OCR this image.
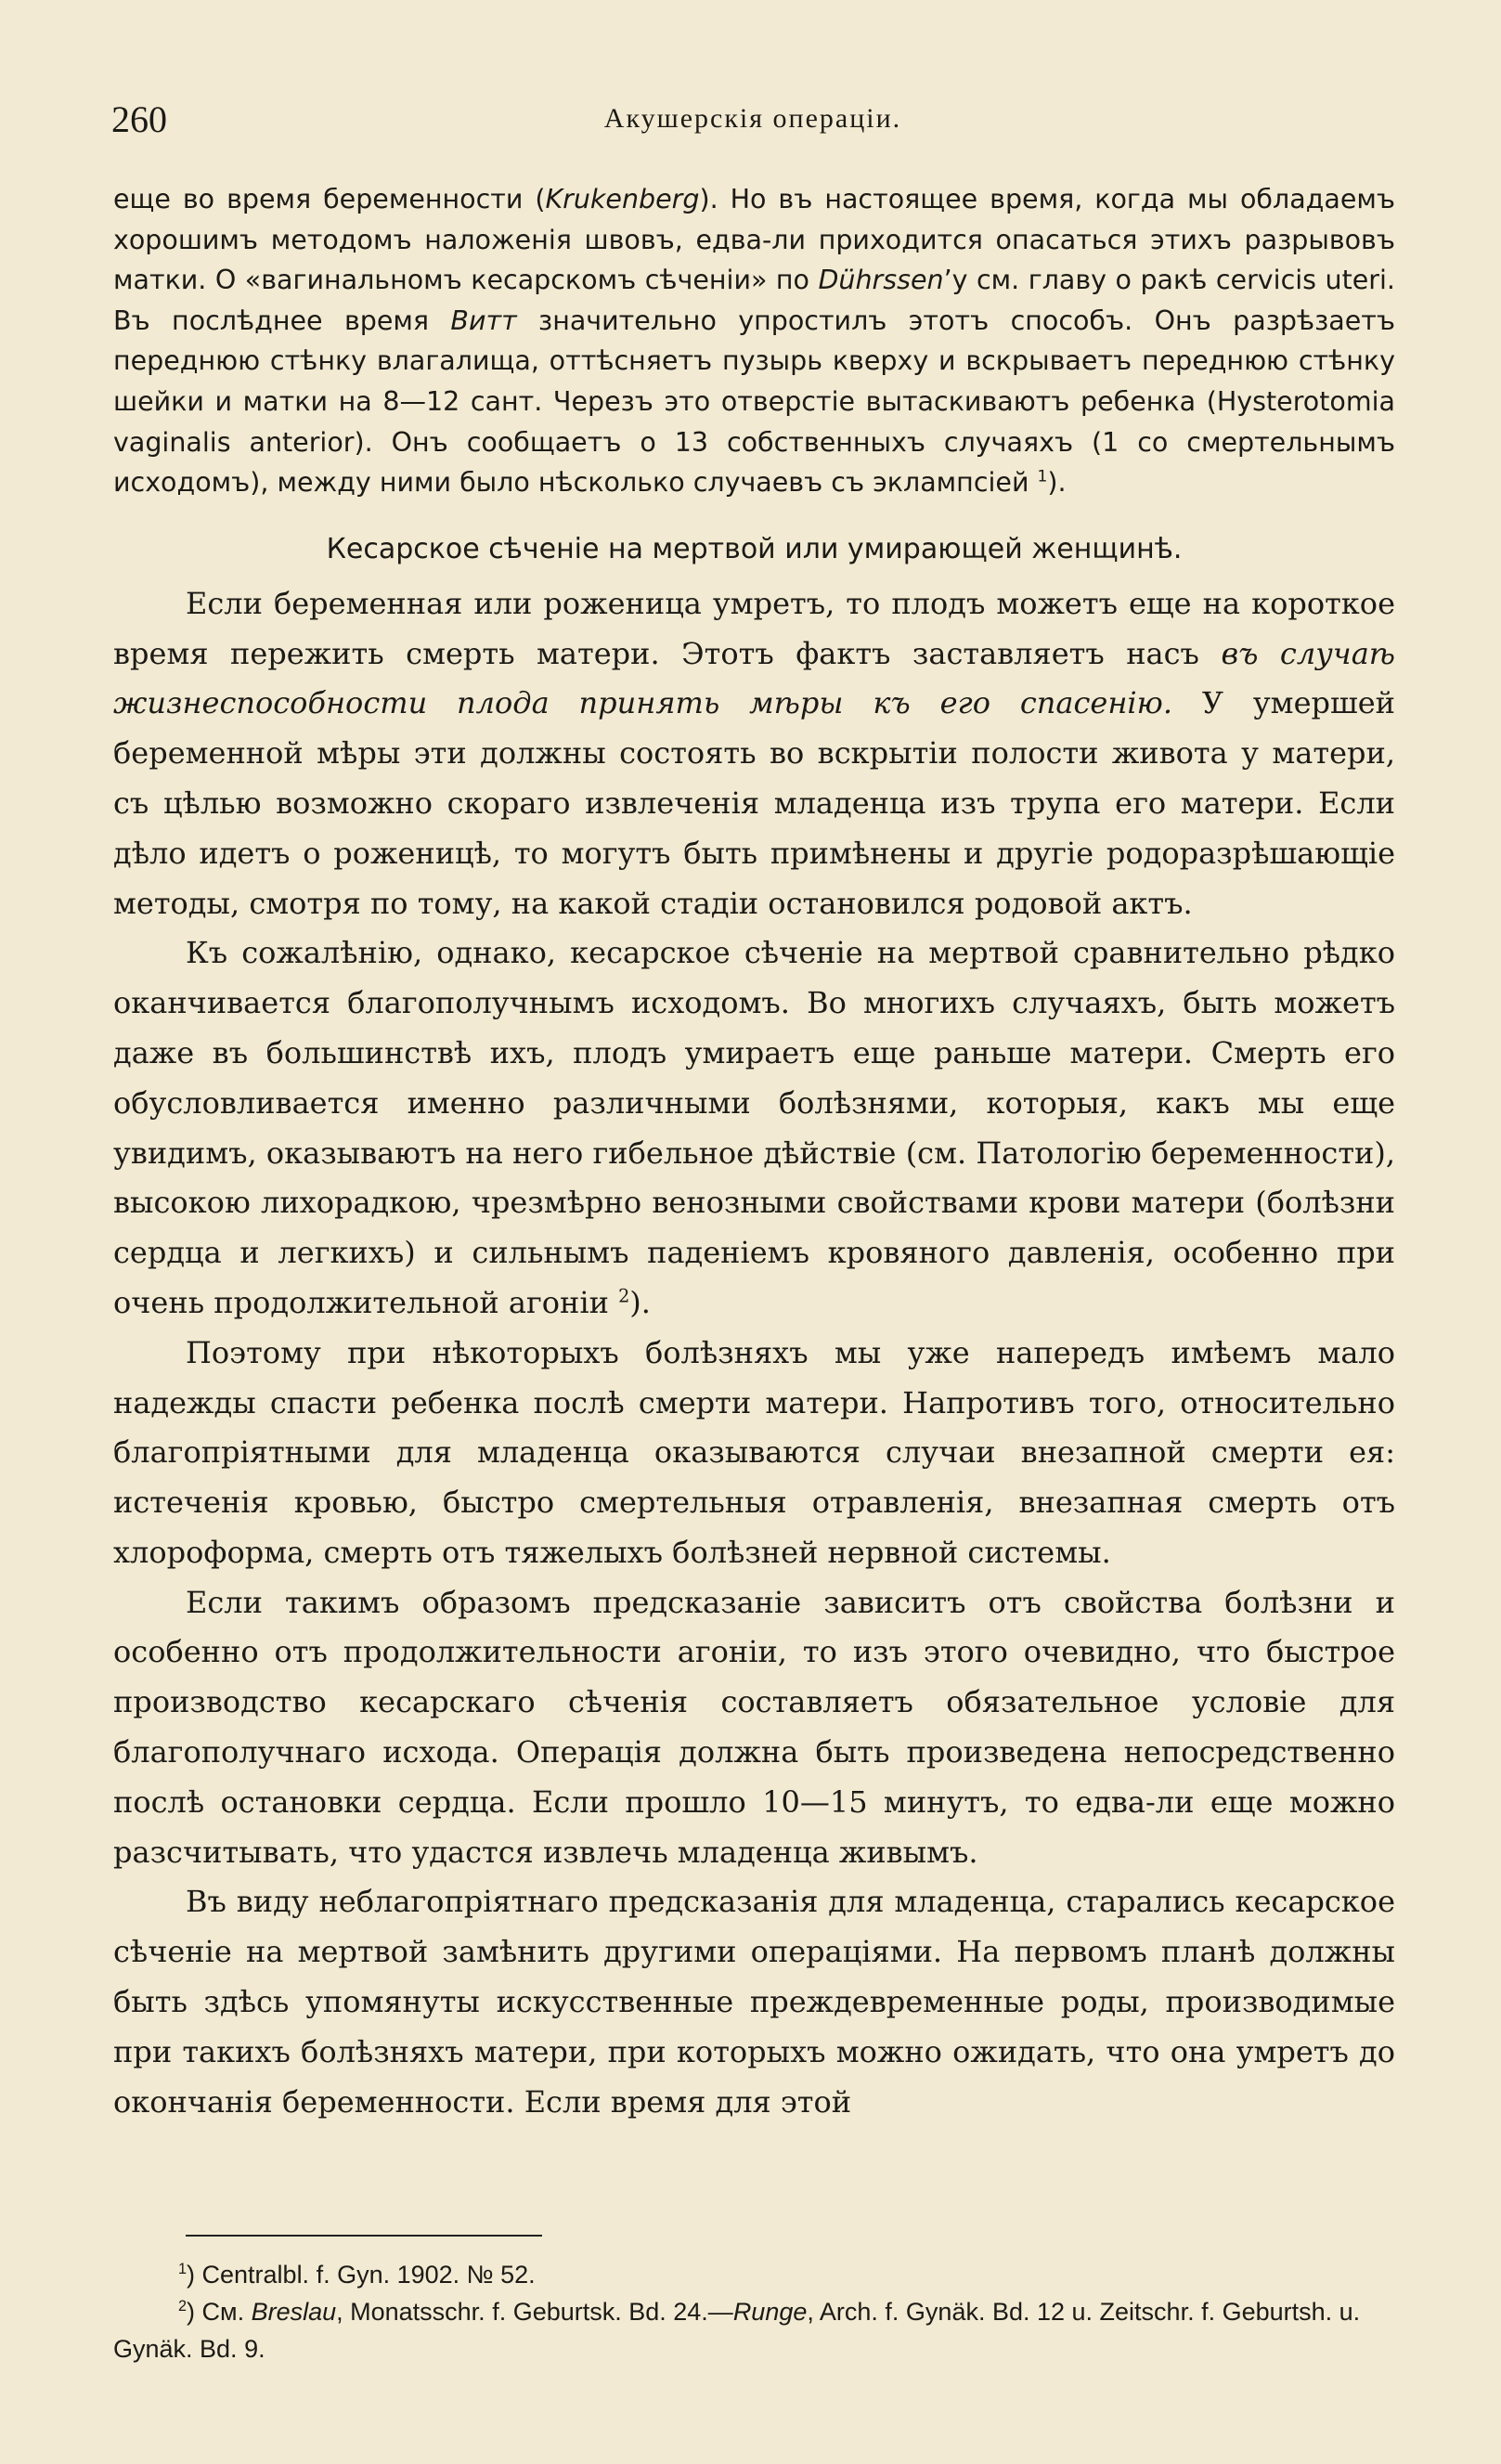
260	Акушерскія операціи.

еще во время беременности (Krukenberg). Но въ настоящее время, когда мы обладаемъ хорошимъ методомъ наложенія швовъ, едва-ли приходится опасаться этихъ разрывовъ матки. О «вагинальномъ кесарскомъ сѣченіи» по Dührssen’у см. главу о ракѣ cervicis uteri. Въ послѣднее время Витт значительно упростилъ этотъ способъ. Онъ разрѣзаетъ переднюю стѣнку влагалища, оттѣсняетъ пузырь кверху и вскрываетъ переднюю стѣнку шейки и матки на 8—12 сант. Черезъ это отверстіе вытаскиваютъ ребенка (Hysterotomia vaginalis anterior). Онъ сообщаетъ о 13 собственныхъ случаяхъ (1 со смертельнымъ исходомъ), между ними было нѣсколько случаевъ съ эклампсіей $^1$).

Кесарское сѣченіе на мертвой или умирающей женщинѣ.

Если беременная или роженица умретъ, то плодъ можетъ еще на короткое время пережить смерть матери. Этотъ фактъ заставляетъ насъ въ случаѣ жизнеспособности плода принять мѣры къ его спасенію. У умершей беременной мѣры эти должны состоять во вскрытіи полости живота у матери, съ цѣлью возможно скораго извлеченія младенца изъ трупа его матери. Если дѣло идетъ о роженицѣ, то могутъ быть примѣнены и другіе родоразрѣшающіе методы, смотря по тому, на какой стадіи остановился родовой актъ.

Къ сожалѣнію, однако, кесарское сѣченіе на мертвой сравнительно рѣдко оканчивается благополучнымъ исходомъ. Во многихъ случаяхъ, быть можетъ даже въ большинствѣ ихъ, плодъ умираетъ еще раньше матери. Смерть его обусловливается именно различными болѣзнями, которыя, какъ мы еще увидимъ, оказываютъ на него гибельное дѣйствіе (см. Патологію беременности), высокою лихорадкою, чрезмѣрно венозными свойствами крови матери (болѣзни сердца и легкихъ) и сильнымъ паденіемъ кровяного давленія, особенно при очень продолжительной агоніи $^2$).

Поэтому при нѣкоторыхъ болѣзняхъ мы уже напередъ имѣемъ мало надежды спасти ребенка послѣ смерти матери. Напротивъ того, относительно благопріятными для младенца оказываются случаи внезапной смерти ея: истеченія кровью, быстро смертельныя отравленія, внезапная смерть отъ хлороформа, смерть отъ тяжелыхъ болѣзней нервной системы.

Если такимъ образомъ предсказаніе зависитъ отъ свойства болѣзни и особенно отъ продолжительности агоніи, то изъ этого очевидно, что быстрое производство кесарскаго сѣченія составляетъ обязательное условіе для благополучнаго исхода. Операція должна быть произведена непосредственно послѣ остановки сердца. Если прошло 10—15 минутъ, то едва-ли еще можно разсчитывать, что удастся извлечь младенца живымъ.

Въ виду неблагопріятнаго предсказанія для младенца, старались кесарское сѣченіе на мертвой замѣнить другими операціями. На первомъ планѣ должны быть здѣсь упомянуты искусственные преждевременные роды, производимые при такихъ болѣзняхъ матери, при которыхъ можно ожидать, что она умретъ до окончанія беременности. Если время для этой

$^1$) Centralbl. f. Gyn. 1902. № 52.

$^2$) См. Breslau, Monatsschr. f. Geburtsk. Bd. 24.—Runge, Arch. f. Gynäk. Bd. 12 u. Zeitschr. f. Geburtsh. u. Gynäk. Bd. 9.
